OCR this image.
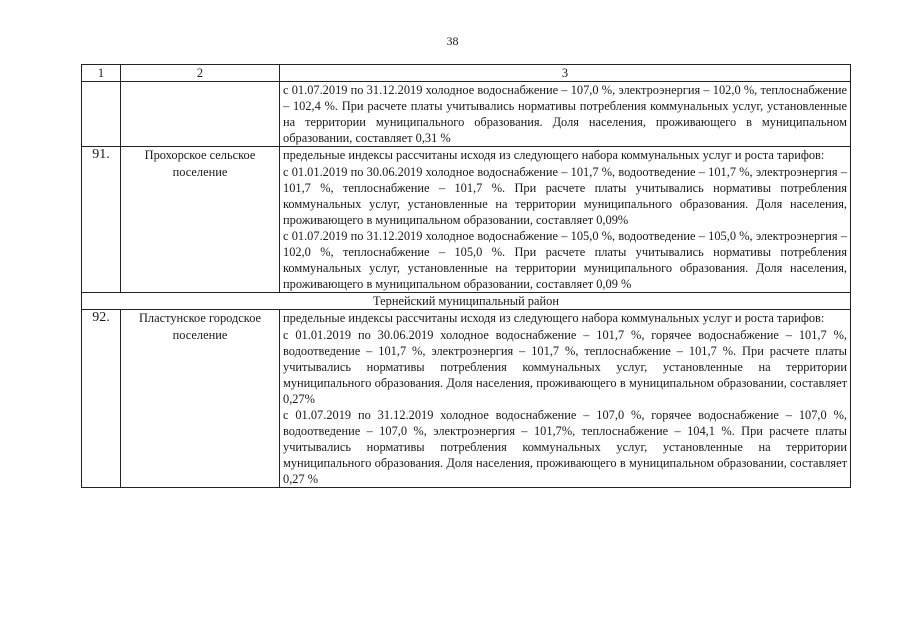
38
1	2	3

		с 01.07.2019 по 31.12.2019 холодное водоснабжение – 107,0 %, электроэнергия – 102,0 %, теплоснабжение – 102,4 %. При расчете платы учитывались нормативы потребления коммунальных услуг, установленные на территории муниципального образования. Доля населения, проживающего в муниципальном образовании, составляет 0,31 %

91.	Прохорское сельское поселение	предельные индексы рассчитаны исходя из следующего набора коммунальных услуг и роста тарифов:

с 01.01.2019 по 30.06.2019 холодное водоснабжение – 101,7 %, водоотведение – 101,7 %, электроэнергия – 101,7 %, теплоснабжение – 101,7 %. При расчете платы учитывались нормативы потребления коммунальных услуг, установленные на территории муниципального образования. Доля населения, проживающего в муниципальном образовании, составляет 0,09%

с 01.07.2019 по 31.12.2019 холодное водоснабжение – 105,0 %, водоотведение – 105,0 %, электроэнергия – 102,0 %, теплоснабжение – 105,0 %. При расчете платы учитывались нормативы потребления коммунальных услуг, установленные на территории муниципального образования. Доля населения, проживающего в муниципальном образовании, составляет 0,09 %

Тернейский муниципальный район		
92.	Пластунское городское поселение	предельные индексы рассчитаны исходя из следующего набора коммунальных услуг и роста тарифов:

с 01.01.2019 по 30.06.2019 холодное водоснабжение – 101,7 %, горячее водоснабжение – 101,7 %, водоотведение – 101,7 %, электроэнергия – 101,7 %, теплоснабжение – 101,7 %. При расчете платы учитывались нормативы потребления коммунальных услуг, установленные на территории муниципального образования. Доля населения, проживающего в муниципальном образовании, составляет 0,27%

с 01.07.2019 по 31.12.2019 холодное водоснабжение – 107,0 %, горячее водоснабжение – 107,0 %, водоотведение – 107,0 %, электроэнергия – 101,7%, теплоснабжение – 104,1 %. При расчете платы учитывались нормативы потребления коммунальных услуг, установленные на территории муниципального образования. Доля населения, проживающего в муниципальном образовании, составляет 0,27 %
